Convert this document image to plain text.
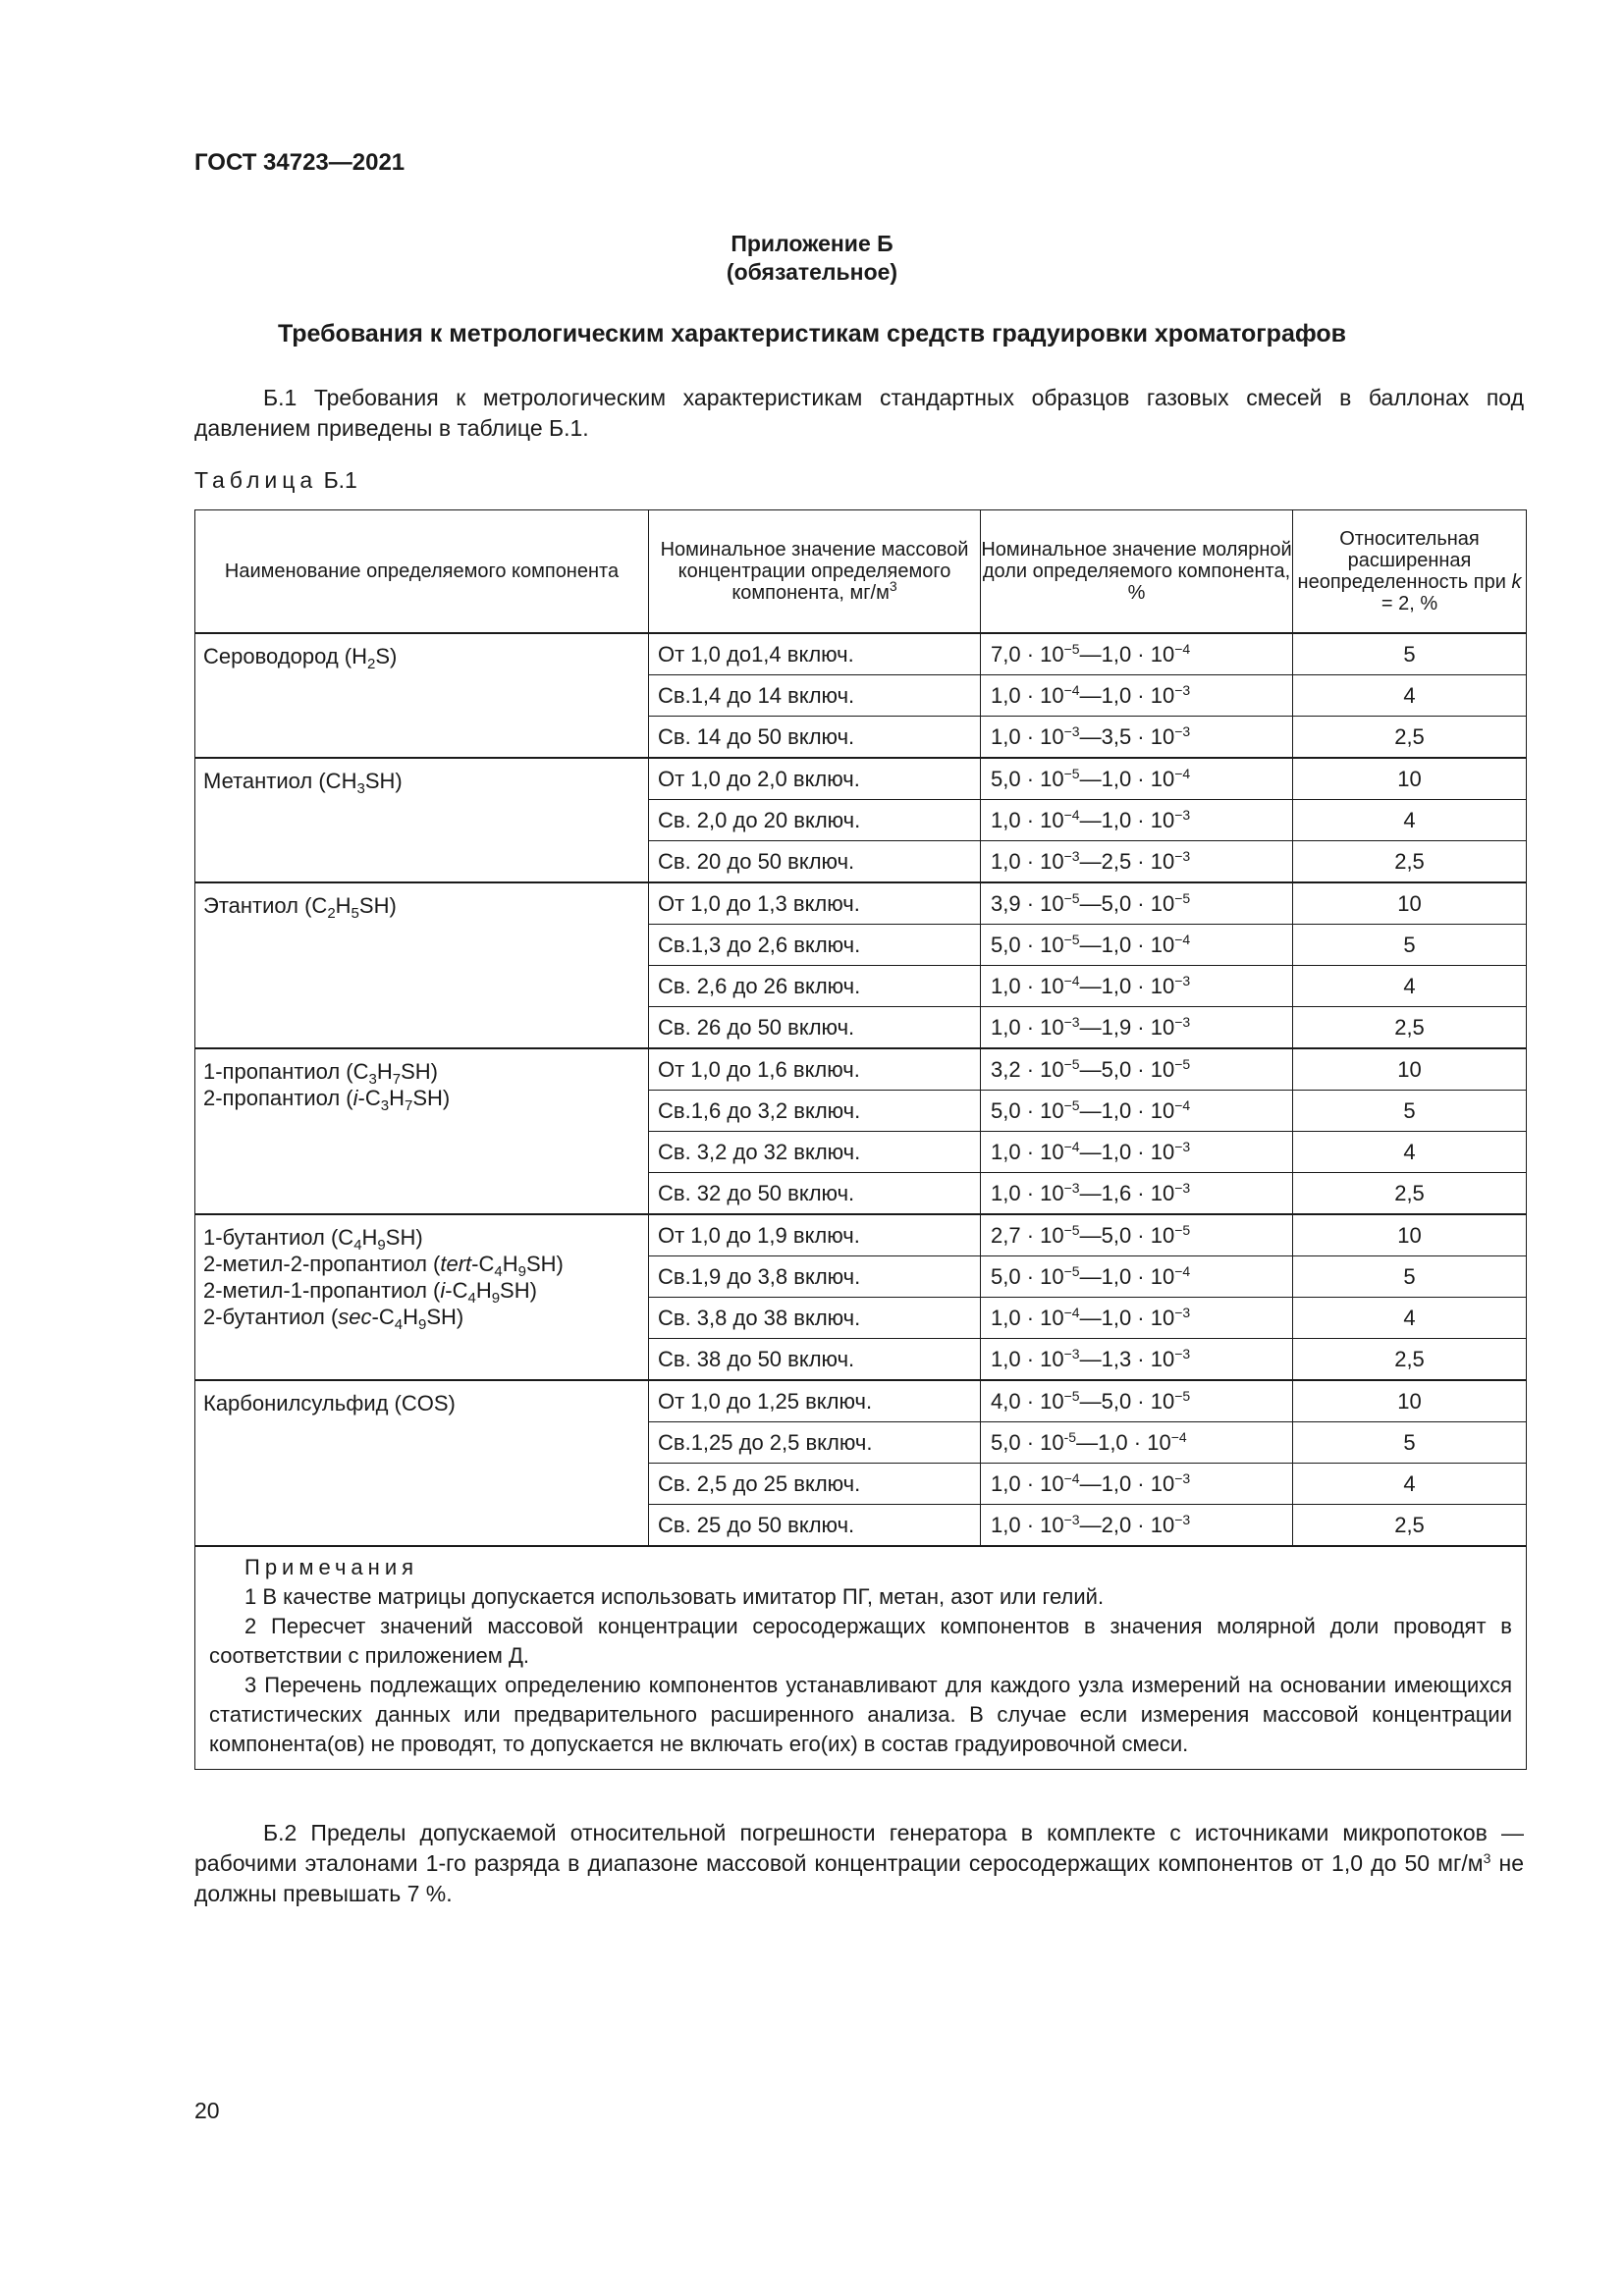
ГОСТ 34723—2021
Приложение Б
(обязательное)
Требования к метрологическим характеристикам средств градуировки хроматографов
Б.1 Требования к метрологическим характеристикам стандартных образцов газовых смесей в баллонах под давлением приведены в таблице Б.1.
Таблица Б.1
Наименование определяемого компонента	Номинальное значение массовой концентрации определяемого компонента, $мг/м^3$	Номинальное значение молярной доли определяемого компонента, %	Относительная расширенная неопределенность при k = 2, %

Сероводород $(H_2S)$	От 1,0 до1,4 включ.	$7,0 \cdot 10^{-5}—1,0 \cdot 10^{-4}$	5
	Св.1,4 до 14 включ.	$1,0 \cdot 10^{-4}—1,0 \cdot 10^{-3}$	4
	Св. 14 до 50 включ.	$1,0 \cdot 10^{-3}—3,5 \cdot 10^{-3}$	2,5

Метантиол $(CH_3SH)$	От 1,0 до 2,0 включ.	$5,0 \cdot 10^{-5}—1,0 \cdot 10^{-4}$	10
	Св. 2,0 до 20 включ.	$1,0 \cdot 10^{-4}—1,0 \cdot 10^{-3}$	4
	Св. 20 до 50 включ.	$1,0 \cdot 10^{-3}—2,5 \cdot 10^{-3}$	2,5

Этантиол $(C_2H_5SH)$	От 1,0 до 1,3 включ.	$3,9 \cdot 10^{-5}—5,0 \cdot 10^{-5}$	10
	Св.1,3 до 2,6 включ.	$5,0 \cdot 10^{-5}—1,0 \cdot 10^{-4}$	5
	Св. 2,6 до 26 включ.	$1,0 \cdot 10^{-4}—1,0 \cdot 10^{-3}$	4
	Св. 26 до 50 включ.	$1,0 \cdot 10^{-3}—1,9 \cdot 10^{-3}$	2,5

1-пропантиол $(C_3H_7SH)$
2-пропантиол $(i-C_3H_7SH)$	От 1,0 до 1,6 включ.	$3,2 \cdot 10^{-5}—5,0 \cdot 10^{-5}$	10
	Св.1,6 до 3,2 включ.	$5,0 \cdot 10^{-5}—1,0 \cdot 10^{-4}$	5
	Св. 3,2 до 32 включ.	$1,0 \cdot 10^{-4}—1,0 \cdot 10^{-3}$	4
	Св. 32 до 50 включ.	$1,0 \cdot 10^{-3}—1,6 \cdot 10^{-3}$	2,5

1-бутантиол $(C_4H_9SH)$
2-метил-2-пропантиол $(tert-C_4H_9SH)$
2-метил-1-пропантиол $(i-C_4H_9SH)$
2-бутантиол $(\sec-C_4H_9SH)$	От 1,0 до 1,9 включ.	$2,7 \cdot 10^{-5}—5,0 \cdot 10^{-5}$	10
	Св.1,9 до 3,8 включ.	$5,0 \cdot 10^{-5}—1,0 \cdot 10^{-4}$	5
	Св. 3,8 до 38 включ.	$1,0 \cdot 10^{-4}—1,0 \cdot 10^{-3}$	4
	Св. 38 до 50 включ.	$1,0 \cdot 10^{-3}—1,3 \cdot 10^{-3}$	2,5

Карбонилсульфид (COS)	От 1,0 до 1,25 включ.	$4,0 \cdot 10^{-5}—5,0 \cdot 10^{-5}$	10
	Св.1,25 до 2,5 включ.	$5,0 \cdot 10^{-5}—1,0 \cdot 10^{-4}$	5
	Св. 2,5 до 25 включ.	$1,0 \cdot 10^{-4}—1,0 \cdot 10^{-3}$	4
	Св. 25 до 50 включ.	$1,0 \cdot 10^{-3}—2,0 \cdot 10^{-3}$	2,5

Примечания
1 В качестве матрицы допускается использовать имитатор ПГ, метан, азот или гелий.
2 Пересчет значений массовой концентрации серосодержащих компонентов в значения молярной доли проводят в соответствии с приложением Д.
3 Перечень подлежащих определению компонентов устанавливают для каждого узла измерений на основании имеющихся статистических данных или предварительного расширенного анализа. В случае если измерения массовой концентрации компонента(ов) не проводят, то допускается не включать его(их) в состав градуировочной смеси.			
Б.2 Пределы допускаемой относительной погрешности генератора в комплекте с источниками микропотоков — рабочими эталонами 1-го разряда в диапазоне массовой концентрации серосодержащих компонентов от 1,0 до 50 $мг/м^3$ не должны превышать 7 %.
20
